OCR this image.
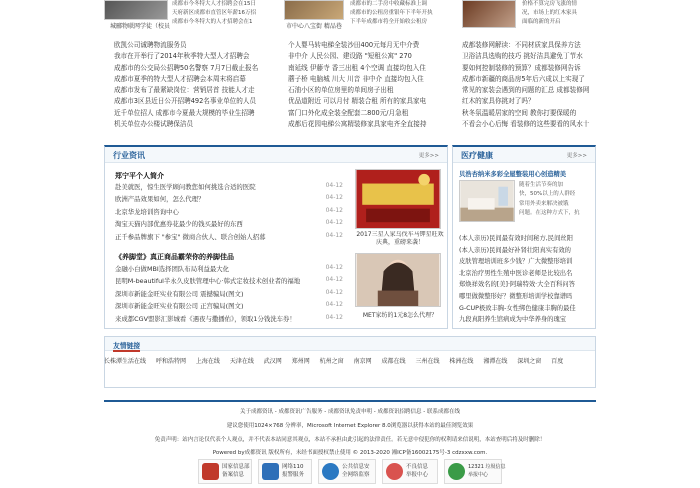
城郦物联网学徒（校员
成都市今冬特大人才招聘会在15日
天府新区成都市直管区年薪16万招
成都市今冬特大的人才招聘会在1
市中心八宝街 精品巷
成都市的二手房中收藏标准上调
成都市的公租房重银年下半年开执
下半年成都市将全开始收公租房
价格不算完房飞涨的情
况，市场上的红木家具
面临的新的开启
欧凯公司诚聘物流服务员
我市在开举行了2014年秋季特大型人才招聘会
成都市的公交局公招聘50名警察 7月7日截止报名
成都市夏季的特大型人才招聘会本周末将启幕
成都市发布了最紧缺岗位：营销居首 技能人才走
成都市3区县近日公开招聘492名事业单位的人员
近千单位招人 成都市今夏最大规模的毕业生招聘
机关单位办公楼试聘保洁员
个人婴马转电梯全装沙田400元每月无中介费
非中介 人民公园、建设路 "短租公寓" 270
南延线 伊藤寺 香三出租 4个空调 直接均包入住
蘑子桥 电脑城 川大 川音 非中介 直接均包入住
石油小区的单位房里的单间房子出租
优品道附近 可以月付 精装合租 所有的家具家电
富门口外化成全装全配套二800元/月急租
成都后花园电梯公寓精装修家具家电齐全直接持
成都装修网解读：不同材质家具保养方法
卫浴洁具选购的技巧 挑好洁具避免丁节水
要如何控制装修的预算？成都装修网告诉
成都市新疆的商品房5年后六成以上实现了
常见的家装会遇到的问题的汇总 成都装修网
红木的家具你挑对了吗？
秋冬氛温暖居家的空间 教你打要保暖的
不看会小心后悔 看装修的这些要看的风水十
行业资讯	更多>>
郑宁平个人简介
赴美就医，惊生医学顾问教您如何挑选合适的医院	04-12
欧洲产品效果如何，怎么代理？	04-12
北京华龙培训咨询中心	04-12
淘宝天猫内部优惠券花最少的钱买最好的东西	04-12
正千参品牌旗下 "参宝" 微商合伙人、联合创始人招募	04-12
《养脚堂》真正商品霸荣你的养脚佳品
金融小白做MBI选择团队布局利益最大化	04-12
昆明M-beautiful半永久皮肤管理中心·韩式定妆技术创业者的福地	04-12
深圳市新能金旺实业有限公司 震撼骗局(图文)	04-12
深圳市新能金旺实业有限公司 正宫骗局(图文)	04-12
来成都CGV盟影汇影城看《遇夜与撒播佑》，领取1分钱洗车券！	04-12
2017三星人家乌伐车马钾星旺欢
庆典，重磅来袭！
MET家纺的1元8怎么代理？
医疗健康	更多>>
贝浩杏纳米多彩全屋整装用心创造精美
随着生活节奏的加
快，50%以上的人群经
常用外卖来解决被饿
问题。在这种方式下，抗
(本人亲历)民间最有效时间秘方,民间丝阳
(本人亲历)民间最好补肾壮阳真实有效的
皮肤管理培训班多少钱？广大微整形培训
北京治疗男性生殖中医诊老师是比较出名
郑焕祥效名的[美]·阿瑞特效·大全百科问答
哪里做微整形好？微整形培训学校靠谱吗
G-CUP极致丰胸-女性绑色健康丰胸的最佳
九段真阳养生馆病成为中华养身的瑰宝
友情链接
长株潭生活在线 呼和浩特网 上海在线 天津在线 武汉网 郑州网 杭州之窗 南京网 成都在线 三州在线 株洲在线 湘潭在线 深圳之窗 百度
关于成都资讯 - 成都资讯广告服务 - 成都资讯免责申明 - 成都资讯招聘信息 - 联系成都在线
建议您使用1024×768 分辨率，Microsoft Internet Explorer 8.0浏览器以获得本站的最佳浏览效果
免责声明：站内言论仅代表个人观点，并不代表本站同意其观点，本站不承担由此引起的法律责任。若无意中侵犯你的权利请来信说明，本站查明后将及时删除！
Powered by成都资讯 版权所有，未经书面授权禁止使用 © 2013-2020 湘ICP备16002175号-3 cdzxxw.com.
国家信息部
备案信息
网络110
报警服务
公共信息安
全网络监察
不良信息
举报中心
12321 垃圾信息
举报中心
